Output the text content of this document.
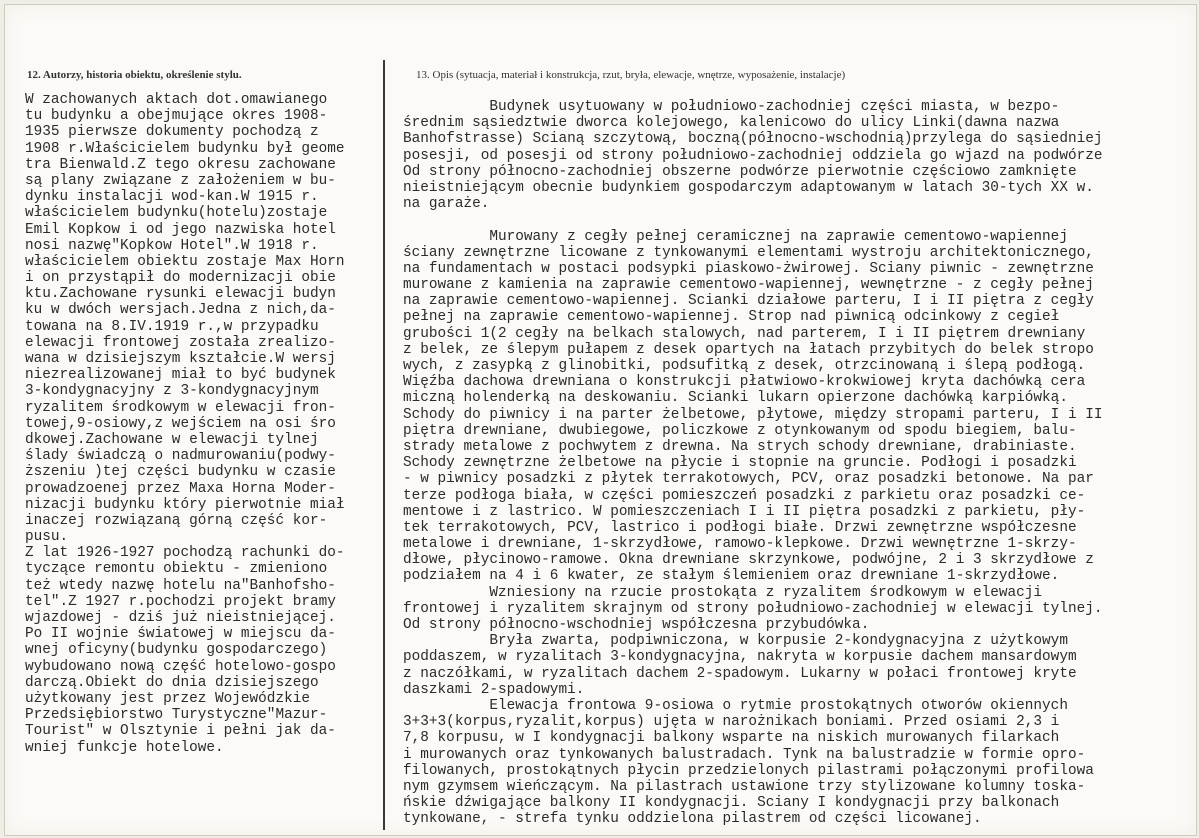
12. Autorzy, historia obiektu, określenie stylu.	13. Opis (sytuacja, materiał i konstrukcja, rzut, bryła, elewacje, wnętrze, wyposażenie, instalacje)
W zachowanych aktach dot.omawianego
tu budynku a obejmujące okres 1908-
1935 pierwsze dokumenty pochodzą z
1908 r.Właścicielem budynku był geome
tra Bienwald.Z tego okresu zachowane
są plany związane z założeniem w bu-
dynku instalacji wod-kan.W 1915 r.
właścicielem budynku(hotelu)zostaje
Emil Kopkow i od jego nazwiska hotel
nosi nazwę"Kopkow Hotel".W 1918 r.
właścicielem obiektu zostaje Max Horn
i on przystąpił do modernizacji obie
ktu.Zachowane rysunki elewacji budyn
ku w dwóch wersjach.Jedna z nich,da-
towana na 8.IV.1919 r.,w przypadku
elewacji frontowej została zrealizo-
wana w dzisiejszym kształcie.W wersj
niezrealizowanej miał to być budynek
3-kondygnacyjny z 3-kondygnacyjnym
ryzalitem środkowym w elewacji fron-
towej,9-osiowy,z wejściem na osi śro
dkowej.Zachowane w elewacji tylnej
ślady świadczą o nadmurowaniu(podwy-
ższeniu )tej części budynku w czasie
prowadzoenej przez Maxa Horna Moder-
nizacji budynku który pierwotnie miał
inaczej rozwiązaną górną część kor-
pusu.
Z lat 1926-1927 pochodzą rachunki do-
tyczące remontu obiektu - zmieniono
też wtedy nazwę hotelu na"Banhofsho-
tel".Z 1927 r.pochodzi projekt bramy
wjazdowej - dziś już nieistniejącej.
Po II wojnie światowej w miejscu da-
wnej oficyny(budynku gospodarczego)
wybudowano nową część hotelowo-gospo
darczą.Obiekt do dnia dzisiejszego
użytkowany jest przez Wojewódzkie
Przedsiębiorstwo Turystyczne"Mazur-
Tourist" w Olsztynie i pełni jak da-
wniej funkcje hotelowe.
Budynek usytuowany w południowo-zachodniej części miasta, w bezpo-
średnim sąsiedztwie dworca kolejowego, kalenicowo do ulicy Linki(dawna nazwa
Banhofstrasse) Scianą szczytową, boczną(północno-wschodnią)przylega do sąsiedniej
posesji, od posesji od strony południowo-zachodniej oddziela go wjazd na podwórze
Od strony północno-zachodniej obszerne podwórze pierwotnie częściowo zamknięte
nieistniejącym obecnie budynkiem gospodarczym adaptowanym w latach 30-tych XX w.
na garaże.
Murowany z cegły pełnej ceramicznej na zaprawie cementowo-wapiennej
ściany zewnętrzne licowane z tynkowanymi elementami wystroju architektonicznego,
na fundamentach w postaci podsypki piaskowo-żwirowej. Sciany piwnic - zewnętrzne
murowane z kamienia na zaprawie cementowo-wapiennej, wewnętrzne - z cegły pełnej
na zaprawie cementowo-wapiennej. Scianki działowe parteru, I i II piętra z cegły
pełnej na zaprawie cementowo-wapiennej. Strop nad piwnicą odcinkowy z cegieł
grubości 1(2 cegły na belkach stalowych, nad parterem, I i II piętrem drewniany
z belek, ze ślepym pułapem z desek opartych na łatach przybitych do belek stropo
wych, z zasypką z glinobitki, podsufitką z desek, otrzcinowaną i ślepą podłogą.
Więźba dachowa drewniana o konstrukcji płatwiowo-krokwiowej kryta dachówką cera
miczną holenderką na deskowaniu. Scianki lukarn opierzone dachówką karpiówką.
Schody do piwnicy i na parter żelbetowe, płytowe, między stropami parteru, I i II
piętra drewniane, dwubiegowe, policzkowe z otynkowanym od spodu biegiem, balu-
strady metalowe z pochwytem z drewna. Na strych schody drewniane, drabiniaste.
Schody zewnętrzne żelbetowe na płycie i stopnie na gruncie. Podłogi i posadzki
- w piwnicy posadzki z płytek terrakotowych, PCV, oraz posadzki betonowe. Na par
terze podłoga biała, w części pomieszczeń posadzki z parkietu oraz posadzki ce-
mentowe i z lastrico. W pomieszczeniach I i II piętra posadzki z parkietu, pły-
tek terrakotowych, PCV, lastrico i podłogi białe. Drzwi zewnętrzne współczesne
metalowe i drewniane, 1-skrzydłowe, ramowo-klepkowe. Drzwi wewnętrzne 1-skrzy-
dłowe, płycinowo-ramowe. Okna drewniane skrzynkowe, podwójne, 2 i 3 skrzydłowe z
podziałem na 4 i 6 kwater, ze stałym ślemieniem oraz drewniane 1-skrzydłowe.
Wzniesiony na rzucie prostokąta z ryzalitem środkowym w elewacji
frontowej i ryzalitem skrajnym od strony południowo-zachodniej w elewacji tylnej.
Od strony północno-wschodniej współczesna przybudówka.
Bryła zwarta, podpiwniczona, w korpusie 2-kondygnacyjna z użytkowym
poddaszem, w ryzalitach 3-kondygnacyjna, nakryta w korpusie dachem mansardowym
z naczółkami, w ryzalitach dachem 2-spadowym. Lukarny w połaci frontowej kryte
daszkami 2-spadowymi.
Elewacja frontowa 9-osiowa o rytmie prostokątnych otworów okiennych
3+3+3(korpus,ryzalit,korpus) ujęta w narożnikach boniami. Przed osiami 2,3 i
7,8 korpusu, w I kondygnacji balkony wsparte na niskich murowanych filarkach
i murowanych oraz tynkowanych balustradach. Tynk na balustradzie w formie opro-
filowanych, prostokątnych płycin przedzielonych pilastrami połączonymi profilowa
nym gzymsem wieńczącym. Na pilastrach ustawione trzy stylizowane kolumny toska-
ńskie dźwigające balkony II kondygnacji. Sciany I kondygnacji przy balkonach
tynkowane, - strefa tynku oddzielona pilastrem od części licowanej.
